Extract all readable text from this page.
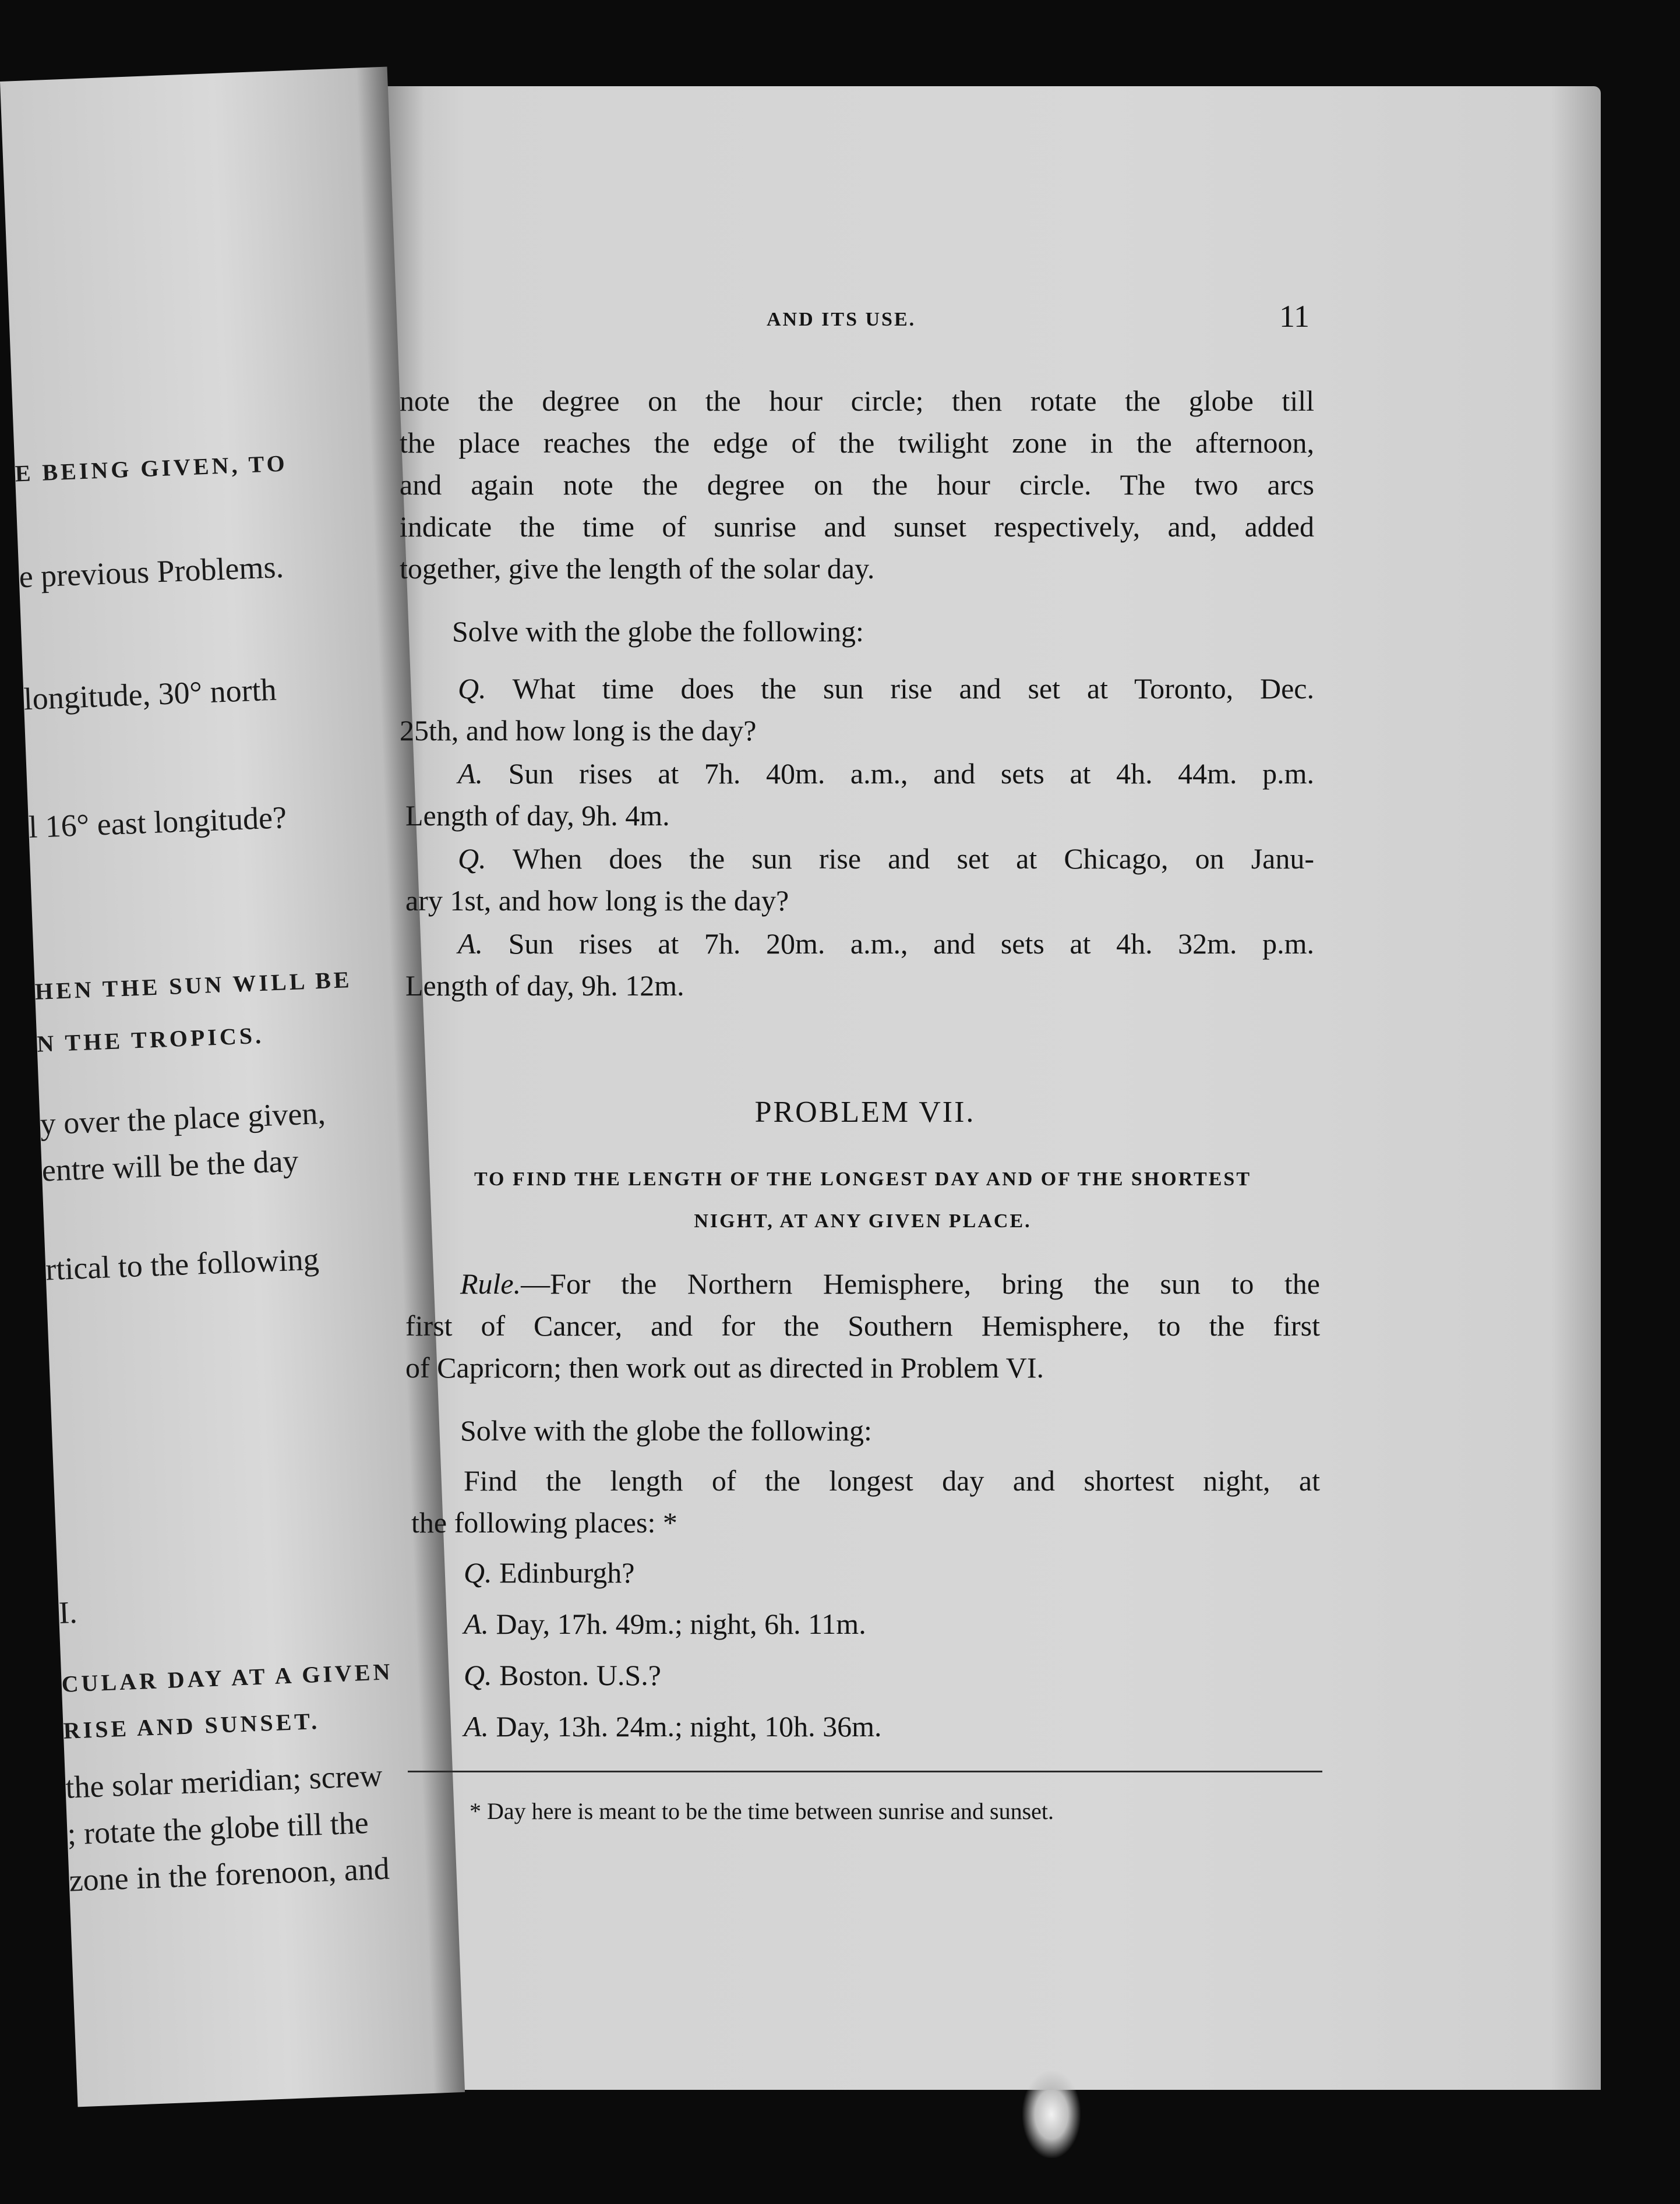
E BEING GIVEN, TO
e previous Problems.
longitude, 30° north
l 16° east longitude?
HEN THE SUN WILL BE
N THE TROPICS.
y over the place given,
entre will be the day
rtical to the following
I.
CULAR DAY AT A GIVEN
RISE AND SUNSET.
the solar meridian; screw
; rotate the globe till the
zone in the forenoon, and
AND ITS USE.	11
note the degree on the hour circle; then rotate the globe till
the place reaches the edge of the twilight zone in the afternoon,
and again note the degree on the hour circle. The two arcs
indicate the time of sunrise and sunset respectively, and, added
together, give the length of the solar day.
Solve with the globe the following:
Q. What time does the sun rise and set at Toronto, Dec.
25th, and how long is the day?
A. Sun rises at 7h. 40m. a.m., and sets at 4h. 44m. p.m.
Length of day, 9h. 4m.
Q. When does the sun rise and set at Chicago, on Janu-
ary 1st, and how long is the day?
A. Sun rises at 7h. 20m. a.m., and sets at 4h. 32m. p.m.
Length of day, 9h. 12m.
PROBLEM VII.
TO FIND THE LENGTH OF THE LONGEST DAY AND OF THE SHORTEST
NIGHT, AT ANY GIVEN PLACE.
Rule.—For the Northern Hemisphere, bring the sun to the
first of Cancer, and for the Southern Hemisphere, to the first
of Capricorn; then work out as directed in Problem VI.
Solve with the globe the following:
Find the length of the longest day and shortest night, at
the following places: *
Q. Edinburgh?
A. Day, 17h. 49m.; night, 6h. 11m.
Q. Boston. U.S.?
A. Day, 13h. 24m.; night, 10h. 36m.
* Day here is meant to be the time between sunrise and sunset.
